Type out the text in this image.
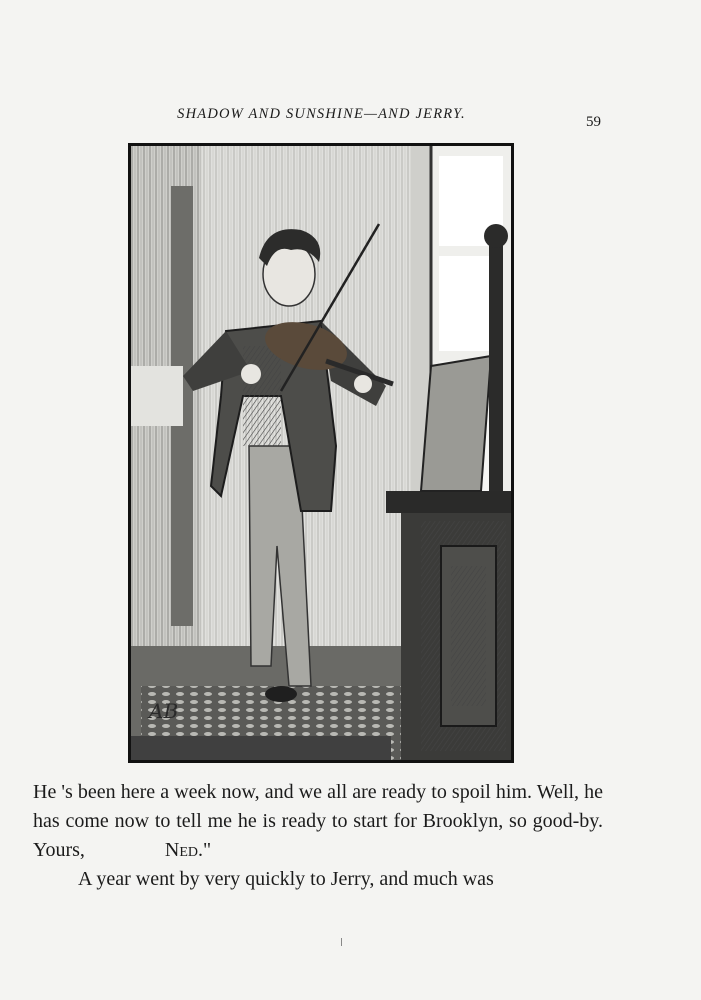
SHADOW AND SUNSHINE—AND JERRY.	59
AB

He 's been here a week now, and we all are ready to spoil him. Well, he has come now to tell me he is ready to start for Brooklyn, so good-by. Yours,	Ned."

A year went by very quickly to Jerry, and much was
